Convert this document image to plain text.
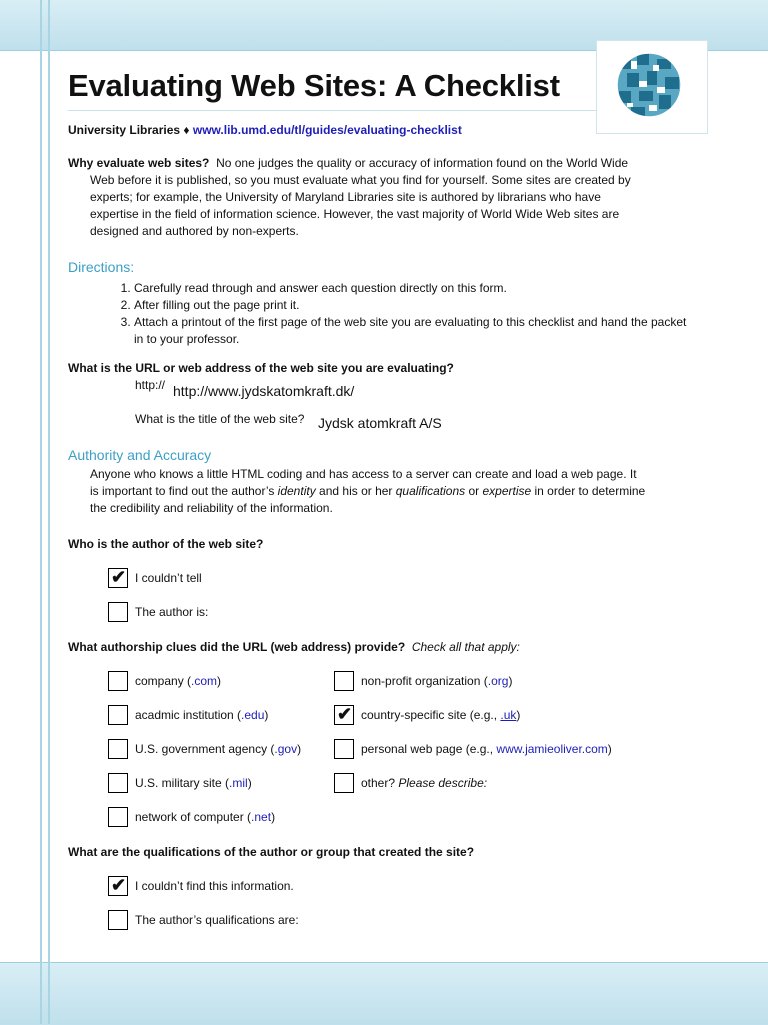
Evaluating Web Sites: A Checklist
University Libraries ♦ www.lib.umd.edu/tl/guides/evaluating-checklist
Why evaluate web sites? No one judges the quality or accuracy of information found on the World Wide
Web before it is published, so you must evaluate what you find for yourself. Some sites are created by
experts; for example, the University of Maryland Libraries site is authored by librarians who have
expertise in the field of information science. However, the vast majority of World Wide Web sites are
designed and authored by non-experts.
Directions:
1. Carefully read through and answer each question directly on this form.
2. After filling out the page print it.
3. Attach a printout of the first page of the web site you are evaluating to this checklist and hand the packet in to your professor.
What is the URL or web address of the web site you are evaluating?
http:// http://www.jydskatomkraft.dk/
What is the title of the web site? Jydsk atomkraft A/S
Authority and Accuracy
Anyone who knows a little HTML coding and has access to a server can create and load a web page. It
is important to find out the author’s identity and his or her qualifications or expertise in order to determine
the credibility and reliability of the information.
Who is the author of the web site?
✔ I couldn’t tell
The author is:
What authorship clues did the URL (web address) provide? Check all that apply:
company (.com)
acadmic institution (.edu)
U.S. government agency (.gov)
U.S. military site (.mil)
network of computer (.net)
non-profit organization (.org)
✔ country-specific site (e.g., .uk)
personal web page (e.g., www.jamieoliver.com)
other? Please describe:
What are the qualifications of the author or group that created the site?
✔ I couldn’t find this information.
The author’s qualifications are:
